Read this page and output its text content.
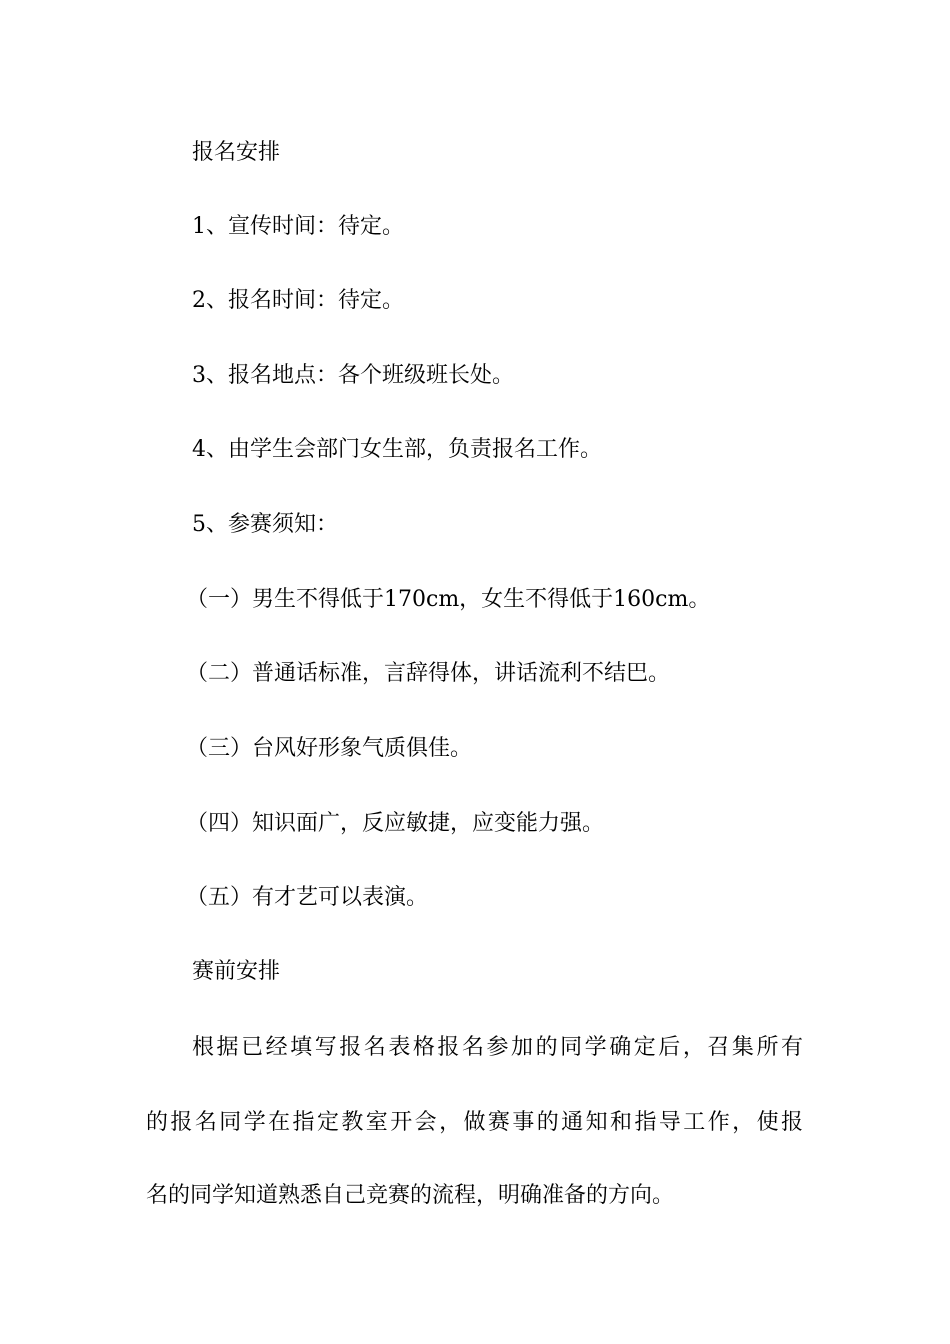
报名安排
1、宣传时间：待定。
2、报名时间：待定。
3、报名地点：各个班级班长处。
4、由学生会部门女生部，负责报名工作。
5、参赛须知：
（一）男生不得低于170cm，女生不得低于160cm。
（二）普通话标准，言辞得体，讲话流利不结巴。
（三）台风好形象气质俱佳。
（四）知识面广，反应敏捷，应变能力强。
（五）有才艺可以表演。
赛前安排
根据已经填写报名表格报名参加的同学确定后，召集所有
的报名同学在指定教室开会，做赛事的通知和指导工作，使报
名的同学知道熟悉自己竞赛的流程，明确准备的方向。
